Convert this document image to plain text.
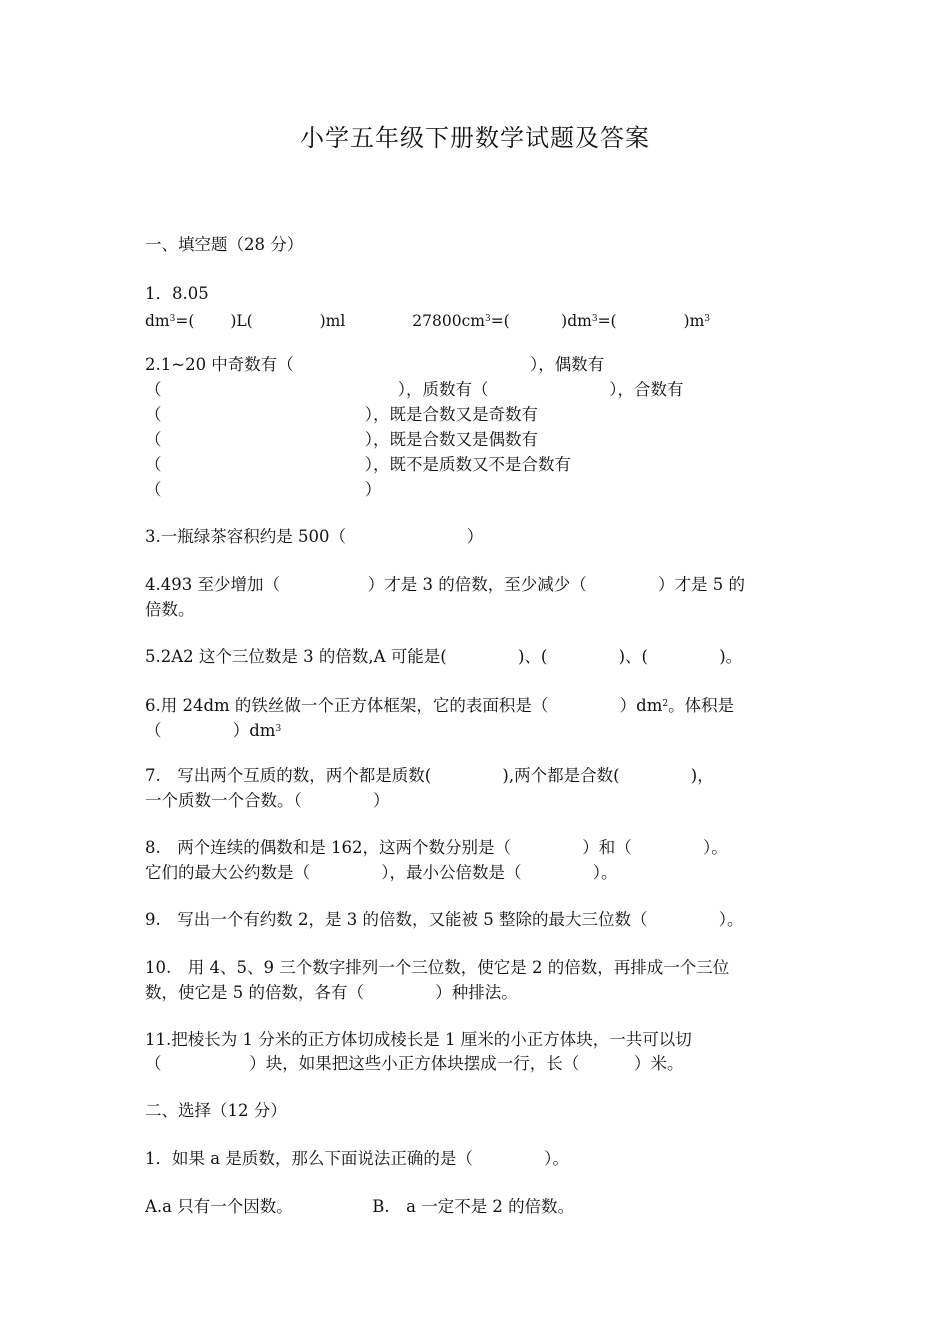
小学五年级下册数学试题及答案
一、填空题（28 分）
1．8.05
$dm^3=$(　　 )L(　　　　 )ml　　　　 $27800cm^3=$(　　　 )$dm^3=$(　　　　 )$m^3$
2.1~20 中奇数有（　　　　　　　　　　　　　　 ），偶数有
（　　　　　　　　　　　　　　 ），质数有（　　　　　　　 ），合数有
（　　　　　　　　　　　　 ），既是合数又是奇数有
（　　　　　　　　　　　　 ），既是合数又是偶数有
（　　　　　　　　　　　　 ），既不是质数又不是合数有
（　　　　　　　　　　　　 ）
3.一瓶绿茶容积约是 500（　　　　　　　 ）
4.493 至少增加（　　　　　 ）才是 3 的倍数，至少减少（　　　　 ）才是 5 的
倍数。
5.2A2 这个三位数是 3 的倍数,A 可能是(　　　　 )、(　　　　 )、(　　　　 )。
6.用 24dm 的铁丝做一个正方体框架，它的表面积是（　　　　 ）$dm^2$。体积是
（　　　　 ）$dm^3$
7.　写出两个互质的数，两个都是质数(　　　　 ),两个都是合数(　　　　 )，
一个质数一个合数。（　　　　 ）
8.　两个连续的偶数和是 162，这两个数分别是（　　　　 ）和（　　　　 ）。
它们的最大公约数是（　　　　 ），最小公倍数是（　　　　 ）。
9.　写出一个有约数 2，是 3 的倍数，又能被 5 整除的最大三位数（　　　　 ）。
10.　用 4、5、9 三个数字排列一个三位数，使它是 2 的倍数，再排成一个三位
数，使它是 5 的倍数，各有（　　　　 ）种排法。
11.把棱长为 1 分米的正方体切成棱长是 1 厘米的小正方体块，一共可以切
（　　　　　 ）块，如果把这些小正方体块摆成一行，长（　　　 ）米。
二、选择（12 分）
1．如果 a 是质数，那么下面说法正确的是（　　　　 ）。
A.a 只有一个因数。　　　　　 B.　a 一定不是 2 的倍数。
